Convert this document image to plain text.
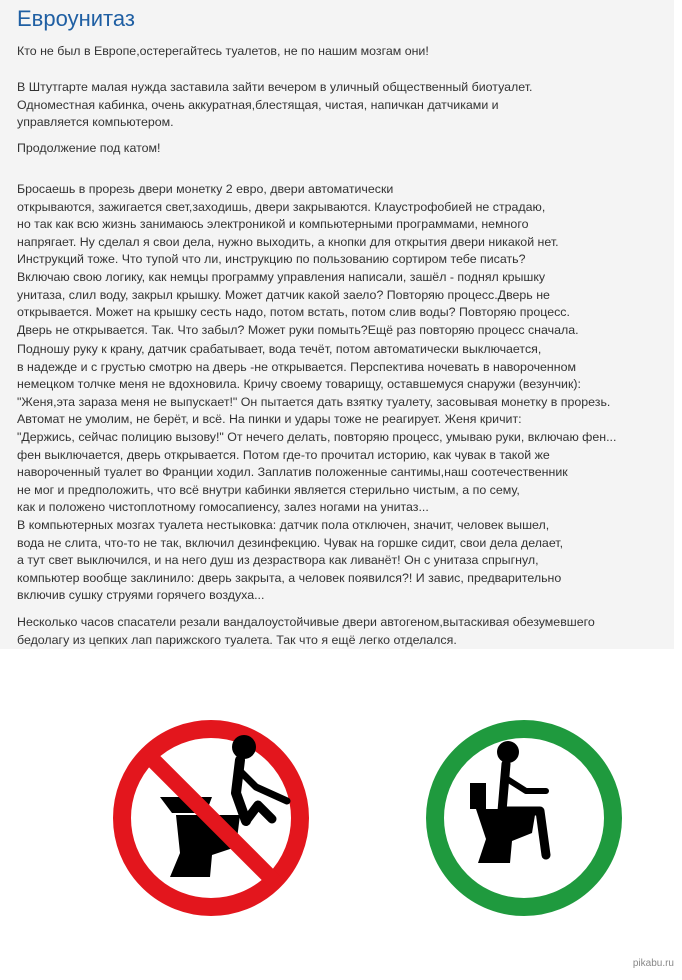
Евроунитаз

Кто не был в Европе,остерегайтесь туалетов, не по нашим мозгам они!

В Штутгарте малая нужда заставила зайти вечером в уличный общественный биотуалет.
Одноместная кабинка, очень аккуратная,блестящая, чистая, напичкан датчиками и
управляется компьютером.

Продолжение под катом!

Бросаешь в прорезь двери монетку 2 евро, двери автоматически
открываются, зажигается свет,заходишь, двери закрываются. Клаустрофобией не страдаю,
но так как всю жизнь занимаюсь электроникой и компьютерными программами, немного
напрягает. Ну сделал я свои дела, нужно выходить, а кнопки для открытия двери никакой нет.
Инструкций тоже. Что тупой что ли, инструкцию по пользованию сортиром тебе писать?
Включаю свою логику, как немцы программу управления написали, зашёл - поднял крышку
унитаза, слил воду, закрыл крышку. Может датчик какой заело? Повторяю процесс.Дверь не
открывается. Может на крышку сесть надо, потом встать, потом слив воды? Повторяю процесс.
Дверь не открывается. Так. Что забыл? Может руки помыть?Ещё раз повторяю процесс сначала.

Подношу руку к крану, датчик срабатывает, вода течёт, потом автоматически выключается,
в надежде и с грустью смотрю на дверь -не открывается. Перспектива ночевать в навороченном
немецком толчке меня не вдохновила. Кричу своему товарищу, оставшемуся снаружи (везунчик):
"Женя,эта зараза меня не выпускает!" Он пытается дать взятку туалету, засовывая монетку в прорезь.
Автомат не умолим, не берёт, и всё. На пинки и удары тоже не реагирует. Женя кричит:
"Держись, сейчас полицию вызову!" От нечего делать, повторяю процесс, умываю руки, включаю фен...
фен выключается, дверь открывается. Потом где-то прочитал историю, как чувак в такой же
навороченный туалет во Франции ходил. Заплатив положенные сантимы,наш соотечественник
не мог и предположить, что всё внутри кабинки является стерильно чистым, а по сему,
как и положено чистоплотному гомосапиенсу, залез ногами на унитаз...

В компьютерных мозгах туалета нестыковка: датчик пола отключен, значит, человек вышел,
вода не слита, что-то не так, включил дезинфекцию. Чувак на горшке сидит, свои дела делает,
а тут свет выключился, и на него душ из дезраствора как ливанёт! Он с унитаза спрыгнул,
компьютер вообще заклинило: дверь закрыта, а человек появился?! И завис, предварительно
включив сушку струями горячего воздуха...

Несколько часов спасатели резали вандалоустойчивые двери автогеном,вытаскивая обезумевшего
бедолагу из цепких лап парижского туалета. Так что я ещё легко отделался.

pikabu.ru
